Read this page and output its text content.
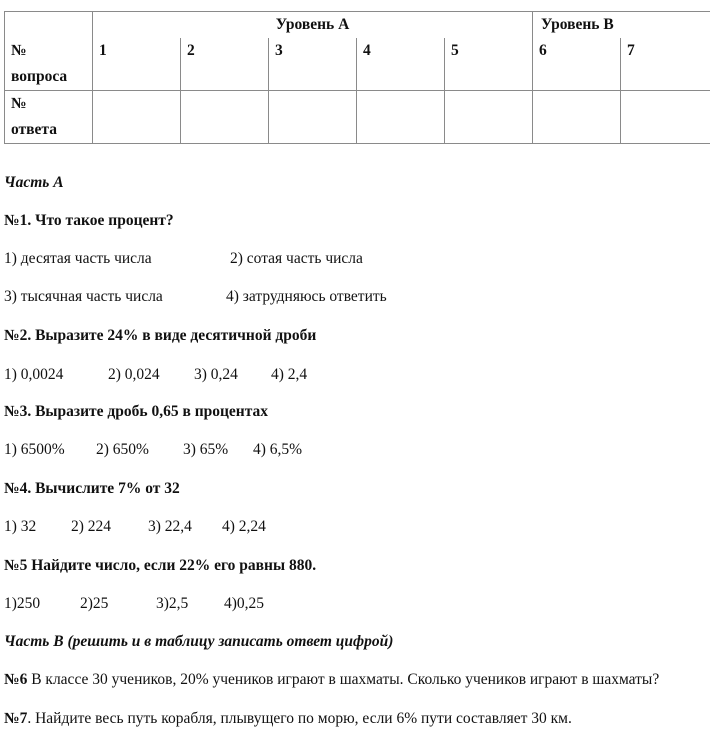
	Уровень А					Уровень В	

№
вопроса	1	2	3	4	5	6	7

№
ответа							

Часть А
№1. Что такое процент?
1) десятая часть числа	2) сотая часть числа
3) тысячная часть числа	4) затрудняюсь ответить
№2. Выразите 24% в виде десятичной дроби
1) 0,0024	2) 0,024 3) 0,24 4) 2,4
№3. Выразите дробь 0,65 в процентах
1) 6500% 2) 650% 3) 65% 4) 6,5%
№4. Вычислите 7% от 32
1) 32 2) 224 3) 22,4 4) 2,24
№5 Найдите число, если 22% его равны 880.
1)250	2)25	3)2,5 4)0,25
Часть В (решить и в таблицу записать ответ цифрой)
№6 В классе 30 учеников, 20% учеников играют в шахматы. Сколько учеников играют в шахматы?
№7. Найдите весь путь корабля, плывущего по морю, если 6% пути составляет 30 км.
